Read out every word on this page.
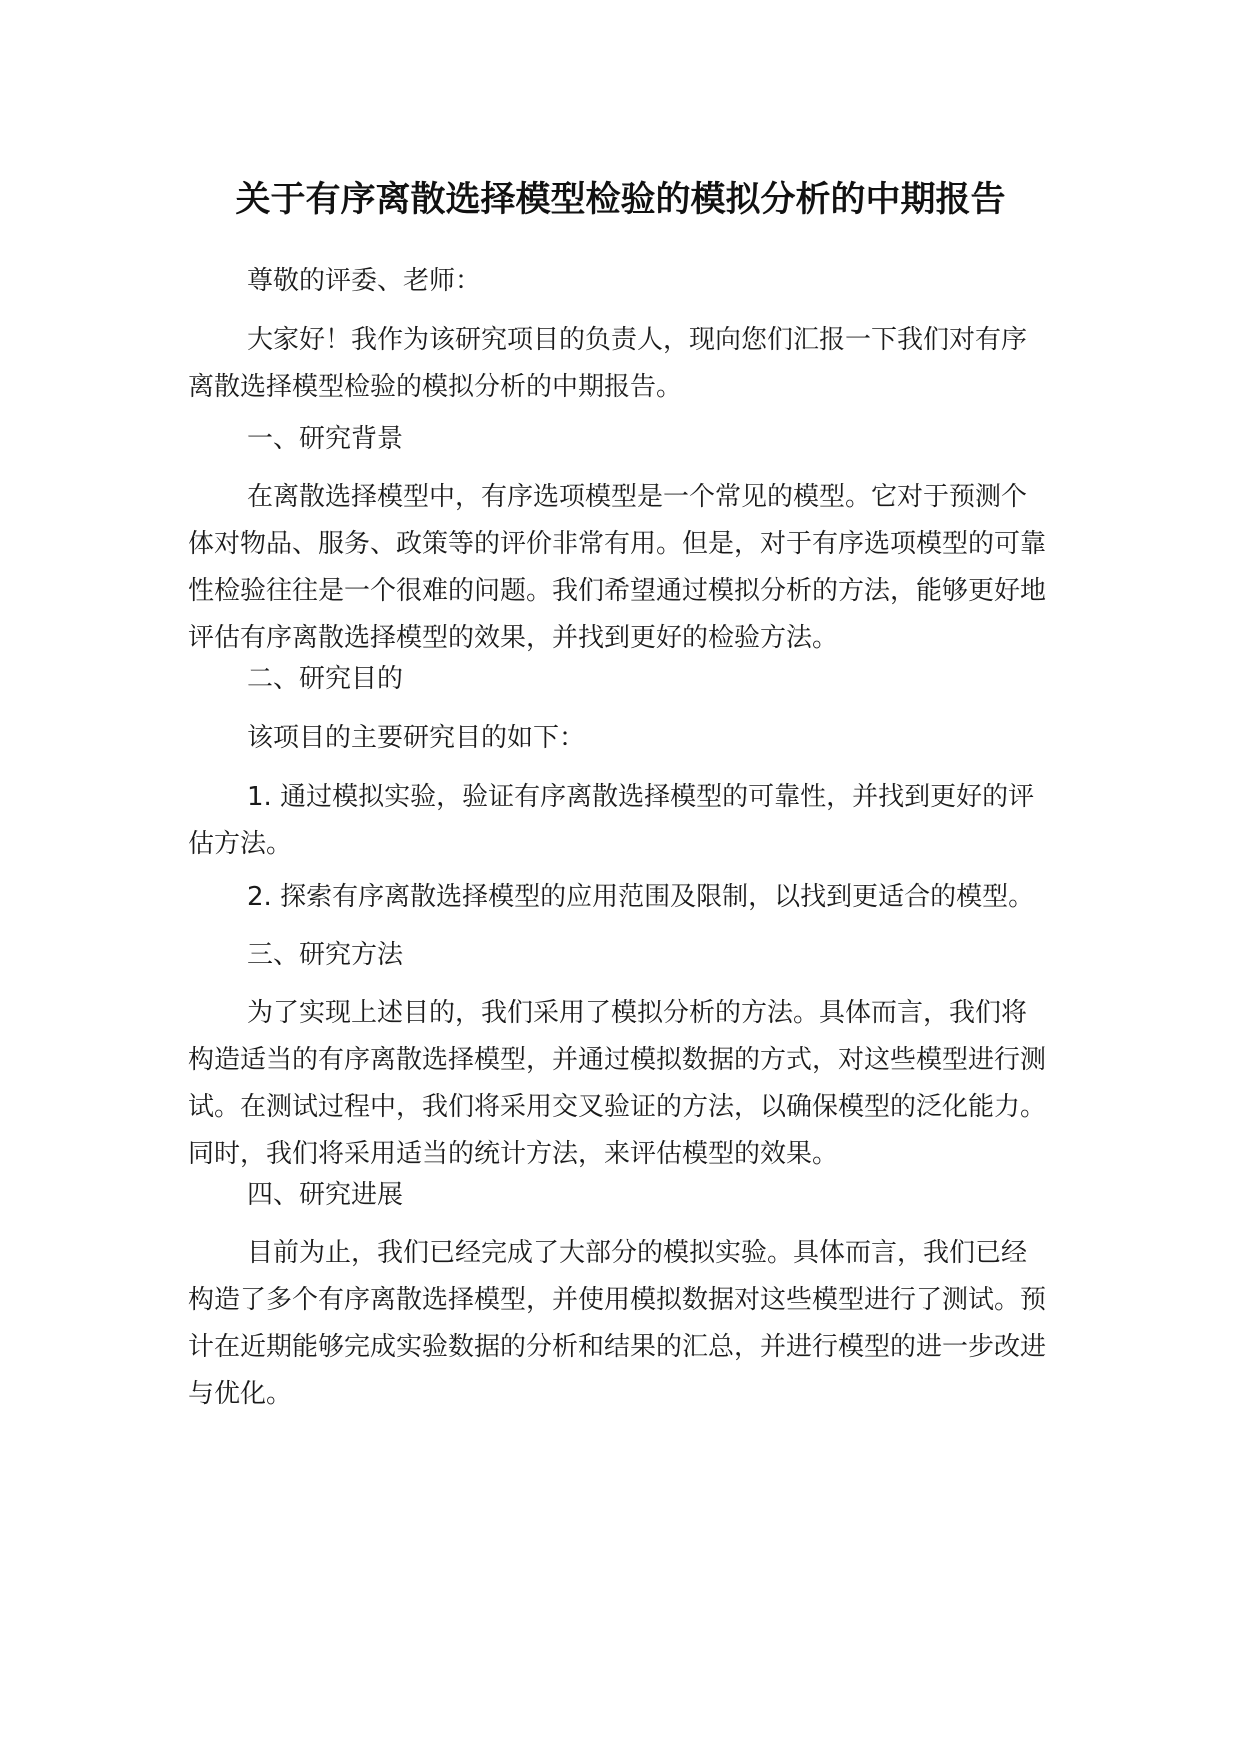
关于有序离散选择模型检验的模拟分析的中期报告

尊敬的评委、老师：

大家好！我作为该研究项目的负责人，现向您们汇报一下我们对有序离散选择模型检验的模拟分析的中期报告。

一、研究背景

在离散选择模型中，有序选项模型是一个常见的模型。它对于预测个体对物品、服务、政策等的评价非常有用。但是，对于有序选项模型的可靠性检验往往是一个很难的问题。我们希望通过模拟分析的方法，能够更好地评估有序离散选择模型的效果，并找到更好的检验方法。

二、研究目的

该项目的主要研究目的如下：

1. 通过模拟实验，验证有序离散选择模型的可靠性，并找到更好的评估方法。

2. 探索有序离散选择模型的应用范围及限制，以找到更适合的模型。

三、研究方法

为了实现上述目的，我们采用了模拟分析的方法。具体而言，我们将构造适当的有序离散选择模型，并通过模拟数据的方式，对这些模型进行测试。在测试过程中，我们将采用交叉验证的方法，以确保模型的泛化能力。同时，我们将采用适当的统计方法，来评估模型的效果。

四、研究进展

目前为止，我们已经完成了大部分的模拟实验。具体而言，我们已经构造了多个有序离散选择模型，并使用模拟数据对这些模型进行了测试。预计在近期能够完成实验数据的分析和结果的汇总，并进行模型的进一步改进与优化。
